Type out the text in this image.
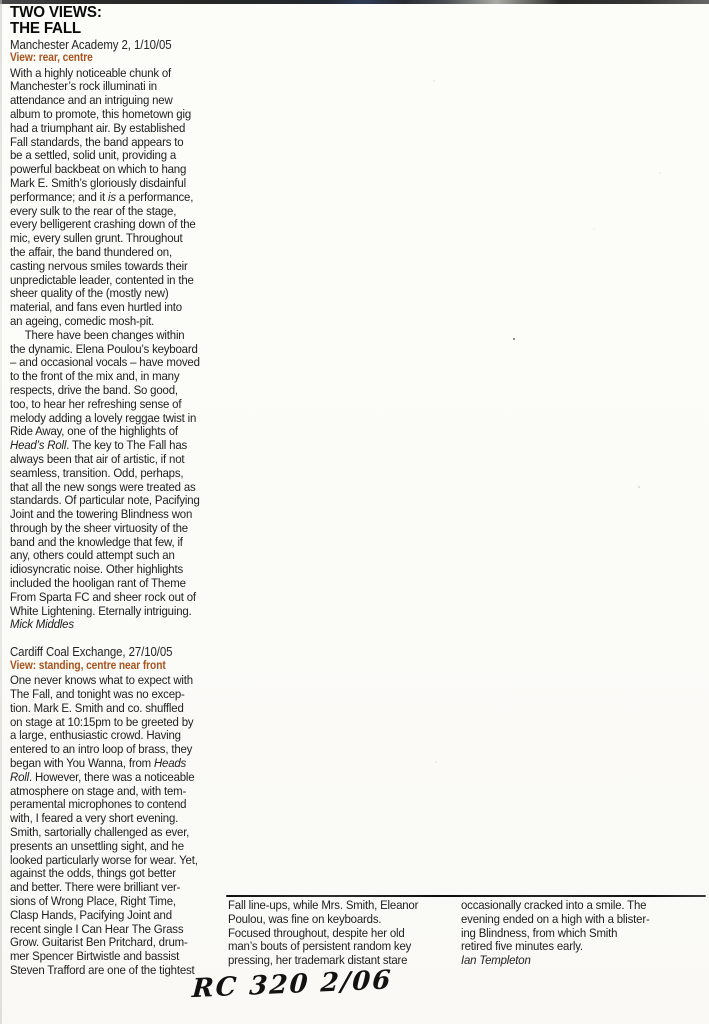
TWO VIEWS:
THE FALL
Manchester Academy 2, 1/10/05
View: rear, centre
With a highly noticeable chunk of
Manchester’s rock illuminati in
attendance and an intriguing new
album to promote, this hometown gig
had a triumphant air. By established
Fall standards, the band appears to
be a settled, solid unit, providing a
powerful backbeat on which to hang
Mark E. Smith’s gloriously disdainful
performance; and it is a performance,
every sulk to the rear of the stage,
every belligerent crashing down of the
mic, every sullen grunt. Throughout
the affair, the band thundered on,
casting nervous smiles towards their
unpredictable leader, contented in the
sheer quality of the (mostly new)
material, and fans even hurtled into
an ageing, comedic mosh-pit.
There have been changes within
the dynamic. Elena Poulou’s keyboard
– and occasional vocals – have moved
to the front of the mix and, in many
respects, drive the band. So good,
too, to hear her refreshing sense of
melody adding a lovely reggae twist in
Ride Away, one of the highlights of
Head’s Roll. The key to The Fall has
always been that air of artistic, if not
seamless, transition. Odd, perhaps,
that all the new songs were treated as
standards. Of particular note, Pacifying
Joint and the towering Blindness won
through by the sheer virtuosity of the
band and the knowledge that few, if
any, others could attempt such an
idiosyncratic noise. Other highlights
included the hooligan rant of Theme
From Sparta FC and sheer rock out of
White Lightening. Eternally intriguing.
Mick Middles
Cardiff Coal Exchange, 27/10/05
View: standing, centre near front
One never knows what to expect with
The Fall, and tonight was no excep-
tion. Mark E. Smith and co. shuffled
on stage at 10:15pm to be greeted by
a large, enthusiastic crowd. Having
entered to an intro loop of brass, they
began with You Wanna, from Heads
Roll. However, there was a noticeable
atmosphere on stage and, with tem-
peramental microphones to contend
with, I feared a very short evening.
Smith, sartorially challenged as ever,
presents an unsettling sight, and he
looked particularly worse for wear. Yet,
against the odds, things got better
and better. There were brilliant ver-
sions of Wrong Place, Right Time,
Clasp Hands, Pacifying Joint and
recent single I Can Hear The Grass
Grow. Guitarist Ben Pritchard, drum-
mer Spencer Birtwistle and bassist
Steven Trafford are one of the tightest
Fall line-ups, while Mrs. Smith, Eleanor
Poulou, was fine on keyboards.
Focused throughout, despite her old
man’s bouts of persistent random key
pressing, her trademark distant stare

occasionally cracked into a smile. The
evening ended on a high with a blister-
ing Blindness, from which Smith
retired five minutes early.
Ian Templeton
RC 320 2/06
